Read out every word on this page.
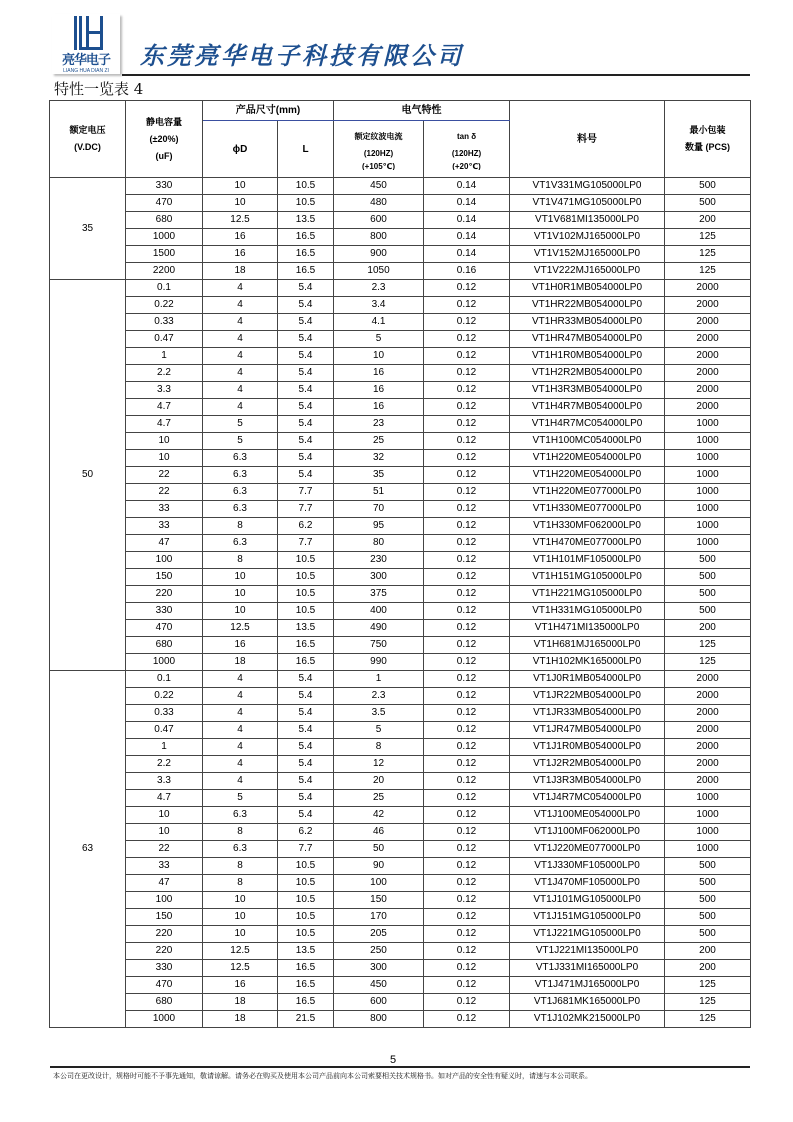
亮华电子
LIANG HUA DIAN ZI
东莞亮华电子科技有限公司
特性一览表 4
额定电压
(V.DC)	静电容量
(±20%)
(uF)	产品尺寸(mm)		电气特性		料号	最小包装
数量 (PCS)

		ϕD	L	额定纹波电流
(120HZ)
(+105℃)	tan δ
(120HZ)
(+20℃)		

35	330	10	10.5	450	0.14	VT1V331MG105000LP0	500
	470	10	10.5	480	0.14	VT1V471MG105000LP0	500
	680	12.5	13.5	600	0.14	VT1V681MI135000LP0	200
	1000	16	16.5	800	0.14	VT1V102MJ165000LP0	125
	1500	16	16.5	900	0.14	VT1V152MJ165000LP0	125
	2200	18	16.5	1050	0.16	VT1V222MJ165000LP0	125
50	0.1	4	5.4	2.3	0.12	VT1H0R1MB054000LP0	2000
	0.22	4	5.4	3.4	0.12	VT1HR22MB054000LP0	2000
	0.33	4	5.4	4.1	0.12	VT1HR33MB054000LP0	2000
	0.47	4	5.4	5	0.12	VT1HR47MB054000LP0	2000
	1	4	5.4	10	0.12	VT1H1R0MB054000LP0	2000
	2.2	4	5.4	16	0.12	VT1H2R2MB054000LP0	2000
	3.3	4	5.4	16	0.12	VT1H3R3MB054000LP0	2000
	4.7	4	5.4	16	0.12	VT1H4R7MB054000LP0	2000
	4.7	5	5.4	23	0.12	VT1H4R7MC054000LP0	1000
	10	5	5.4	25	0.12	VT1H100MC054000LP0	1000
	10	6.3	5.4	32	0.12	VT1H220ME054000LP0	1000
	22	6.3	5.4	35	0.12	VT1H220ME054000LP0	1000
	22	6.3	7.7	51	0.12	VT1H220ME077000LP0	1000
	33	6.3	7.7	70	0.12	VT1H330ME077000LP0	1000
	33	8	6.2	95	0.12	VT1H330MF062000LP0	1000
	47	6.3	7.7	80	0.12	VT1H470ME077000LP0	1000
	100	8	10.5	230	0.12	VT1H101MF105000LP0	500
	150	10	10.5	300	0.12	VT1H151MG105000LP0	500
	220	10	10.5	375	0.12	VT1H221MG105000LP0	500
	330	10	10.5	400	0.12	VT1H331MG105000LP0	500
	470	12.5	13.5	490	0.12	VT1H471MI135000LP0	200
	680	16	16.5	750	0.12	VT1H681MJ165000LP0	125
	1000	18	16.5	990	0.12	VT1H102MK165000LP0	125
63	0.1	4	5.4	1	0.12	VT1J0R1MB054000LP0	2000
	0.22	4	5.4	2.3	0.12	VT1JR22MB054000LP0	2000
	0.33	4	5.4	3.5	0.12	VT1JR33MB054000LP0	2000
	0.47	4	5.4	5	0.12	VT1JR47MB054000LP0	2000
	1	4	5.4	8	0.12	VT1J1R0MB054000LP0	2000
	2.2	4	5.4	12	0.12	VT1J2R2MB054000LP0	2000
	3.3	4	5.4	20	0.12	VT1J3R3MB054000LP0	2000
	4.7	5	5.4	25	0.12	VT1J4R7MC054000LP0	1000
	10	6.3	5.4	42	0.12	VT1J100ME054000LP0	1000
	10	8	6.2	46	0.12	VT1J100MF062000LP0	1000
	22	6.3	7.7	50	0.12	VT1J220ME077000LP0	1000
	33	8	10.5	90	0.12	VT1J330MF105000LP0	500
	47	8	10.5	100	0.12	VT1J470MF105000LP0	500
	100	10	10.5	150	0.12	VT1J101MG105000LP0	500
	150	10	10.5	170	0.12	VT1J151MG105000LP0	500
	220	10	10.5	205	0.12	VT1J221MG105000LP0	500
	220	12.5	13.5	250	0.12	VT1J221MI135000LP0	200
	330	12.5	16.5	300	0.12	VT1J331MI165000LP0	200
	470	16	16.5	450	0.12	VT1J471MJ165000LP0	125
	680	18	16.5	600	0.12	VT1J681MK165000LP0	125
	1000	18	21.5	800	0.12	VT1J102MK215000LP0	125
5
本公司在更改设计，规格时可能不予事先通知，敬请谅解。请务必在购买及使用本公司产品前向本公司索要相关技术规格书。如对产品的安全性有疑义时，请速与本公司联系。
